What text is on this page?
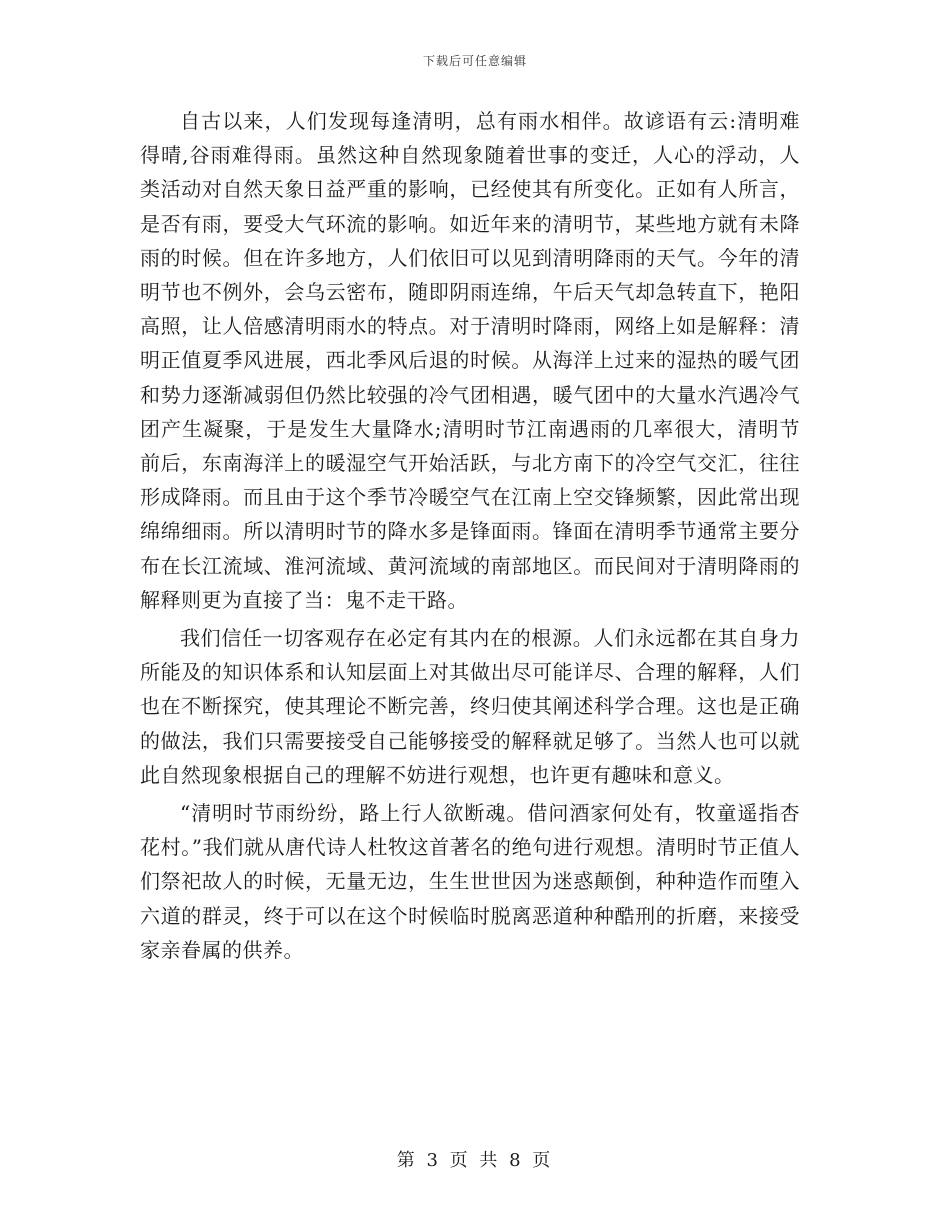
下载后可任意编辑

自古以来，人们发现每逢清明，总有雨水相伴。故谚语有云:清明难得晴,谷雨难得雨。虽然这种自然现象随着世事的变迁，人心的浮动，人类活动对自然天象日益严重的影响，已经使其有所变化。正如有人所言，是否有雨，要受大气环流的影响。如近年来的清明节，某些地方就有未降雨的时候。但在许多地方，人们依旧可以见到清明降雨的天气。今年的清明节也不例外，会乌云密布，随即阴雨连绵，午后天气却急转直下，艳阳高照，让人倍感清明雨水的特点。对于清明时降雨，网络上如是解释：清明正值夏季风进展，西北季风后退的时候。从海洋上过来的湿热的暖气团和势力逐渐减弱但仍然比较强的冷气团相遇，暖气团中的大量水汽遇冷气团产生凝聚，于是发生大量降水;清明时节江南遇雨的几率很大，清明节前后，东南海洋上的暖湿空气开始活跃，与北方南下的冷空气交汇，往往形成降雨。而且由于这个季节冷暖空气在江南上空交锋频繁，因此常出现绵绵细雨。所以清明时节的降水多是锋面雨。锋面在清明季节通常主要分布在长江流域、淮河流域、黄河流域的南部地区。而民间对于清明降雨的解释则更为直接了当：鬼不走干路。

我们信任一切客观存在必定有其内在的根源。人们永远都在其自身力所能及的知识体系和认知层面上对其做出尽可能详尽、合理的解释，人们也在不断探究，使其理论不断完善，终归使其阐述科学合理。这也是正确的做法，我们只需要接受自己能够接受的解释就足够了。当然人也可以就此自然现象根据自己的理解不妨进行观想，也许更有趣味和意义。

“清明时节雨纷纷，路上行人欲断魂。借问酒家何处有，牧童遥指杏花村。”我们就从唐代诗人杜牧这首著名的绝句进行观想。清明时节正值人们祭祀故人的时候，无量无边，生生世世因为迷惑颠倒，种种造作而堕入六道的群灵，终于可以在这个时候临时脱离恶道种种酷刑的折磨，来接受家亲眷属的供养。

第 3 页 共 8 页
